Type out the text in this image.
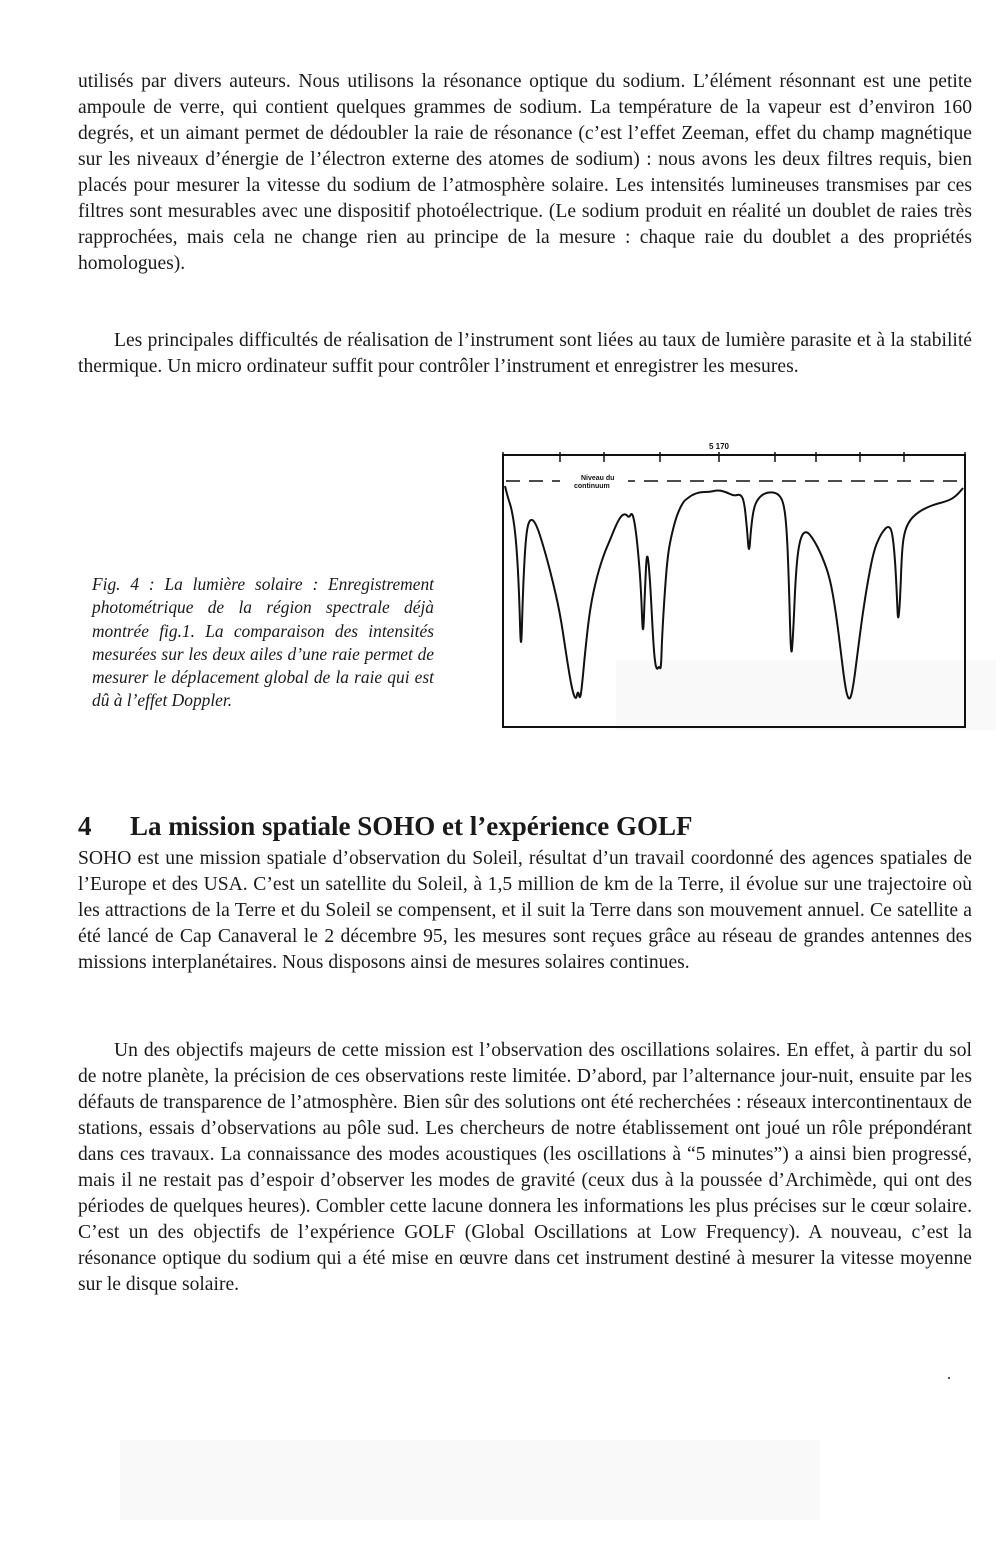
utilisés par divers auteurs. Nous utilisons la résonance optique du sodium. L’élément résonnant est une petite ampoule de verre, qui contient quelques grammes de sodium. La température de la vapeur est d’environ 160 degrés, et un aimant permet de dédoubler la raie de résonance (c’est l’effet Zeeman, effet du champ magnétique sur les niveaux d’énergie de l’électron externe des atomes de sodium) : nous avons les deux filtres requis, bien placés pour mesurer la vitesse du sodium de l’atmosphère solaire. Les intensités lumineuses transmises par ces filtres sont mesurables avec une dispositif photoélectrique. (Le sodium produit en réalité un doublet de raies très rapprochées, mais cela ne change rien au principe de la mesure : chaque raie du doublet a des propriétés homologues).

Les principales difficultés de réalisation de l’instrument sont liées au taux de lumière parasite et à la stabilité thermique. Un micro ordinateur suffit pour contrôler l’instrument et enregistrer les mesures.

Fig. 4 : La lumière solaire : Enregistrement photométrique de la région spectrale déjà montrée fig.1. La comparaison des intensités mesurées sur les deux ailes d’une raie permet de mesurer le déplacement global de la raie qui est dû à l’effet Doppler.

5 170
Niveau du
continuum
4 La mission spatiale SOHO et l’expérience GOLF

SOHO est une mission spatiale d’observation du Soleil, résultat d’un travail coordonné des agences spatiales de l’Europe et des USA. C’est un satellite du Soleil, à 1,5 million de km de la Terre, il évolue sur une trajectoire où les attractions de la Terre et du Soleil se compensent, et il suit la Terre dans son mouvement annuel. Ce satellite a été lancé de Cap Canaveral le 2 décembre 95, les mesures sont reçues grâce au réseau de grandes antennes des missions interplanétaires. Nous disposons ainsi de mesures solaires continues.

Un des objectifs majeurs de cette mission est l’observation des oscillations solaires. En effet, à partir du sol de notre planète, la précision de ces observations reste limitée. D’abord, par l’alternance jour-nuit, ensuite par les défauts de transparence de l’atmosphère. Bien sûr des solutions ont été recherchées : réseaux intercontinentaux de stations, essais d’observations au pôle sud. Les chercheurs de notre établissement ont joué un rôle prépondérant dans ces travaux. La connaissance des modes acoustiques (les oscillations à “5 minutes”) a ainsi bien progressé, mais il ne restait pas d’espoir d’observer les modes de gravité (ceux dus à la poussée d’Archimède, qui ont des périodes de quelques heures). Combler cette lacune donnera les informations les plus précises sur le cœur solaire. C’est un des objectifs de l’expérience GOLF (Global Oscillations at Low Frequency). A nouveau, c’est la résonance optique du sodium qui a été mise en œuvre dans cet instrument destiné à mesurer la vitesse moyenne sur le disque solaire.
